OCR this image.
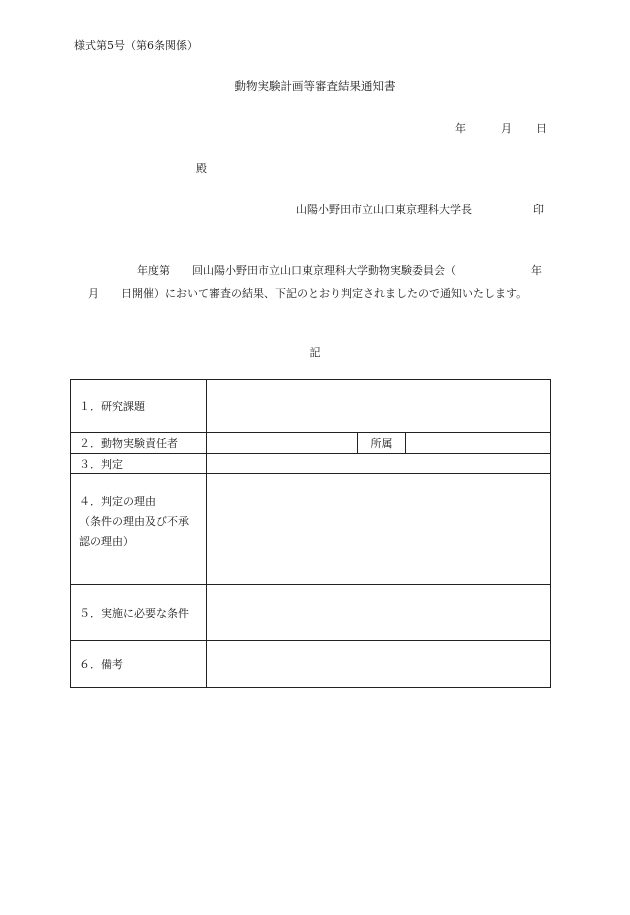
様式第5号（第6条関係）
動物実験計画等審査結果通知書
年	月 日
殿
山陽小野田市立山口東京理科大学長	印
年度第 回山陽小野田市立山口東京理科大学動物実験委員会（	年
月 日開催）において審査の結果、下記のとおり判定されましたので通知いたします。
記
１．研究課題			
２．動物実験責任者		所属	
３．判定			

４．判定の理由
（条件の理由及び不承
認の理由）			

５．実施に必要な条件			
６．備考			
